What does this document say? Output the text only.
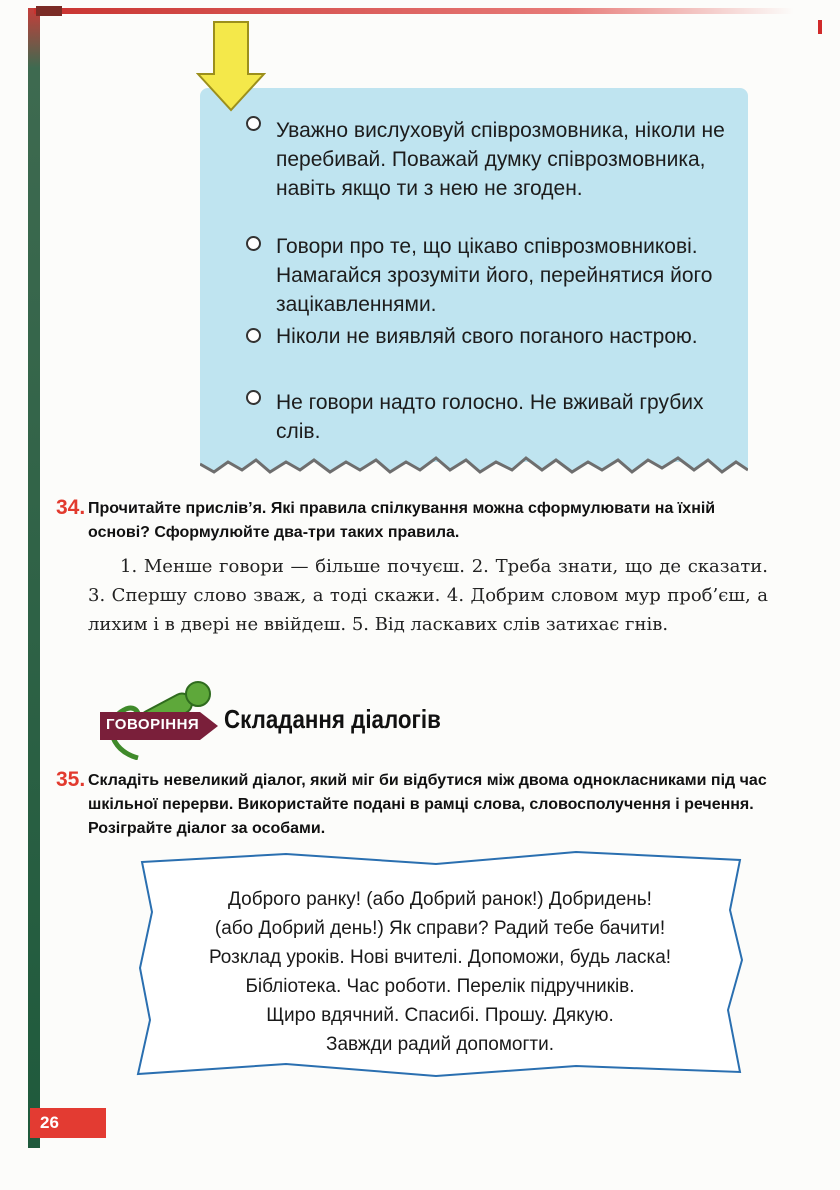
Уважно вислуховуй співрозмовника, ніколи не перебивай. Поважай думку співрозмовника, навіть якщо ти з нею не згоден.
Говори про те, що цікаво співрозмовникові. Намагайся зрозуміти його, перейнятися його зацікавленнями.
Ніколи не виявляй свого поганого настрою.
Не говори надто голосно. Не вживай грубих слів.
34. Прочитайте прислів’я. Які правила спілкування можна сформулювати на їхній основі? Сформулюйте два-три таких правила.
1. Менше говори — більше почуєш. 2. Треба знати, що де сказати. 3. Спершу слово зваж, а тоді скажи. 4. Добрим словом мур проб’єш, а лихим і в двері не ввійдеш. 5. Від ласкавих слів затихає гнів.
ГОВОРІННЯ Складання діалогів
35. Складіть невеликий діалог, який міг би відбутися між двома однокласниками під час шкільної перерви. Використайте подані в рамці слова, словосполучення і речення. Розіграйте діалог за особами.
Доброго ранку! (або Добрий ранок!) Добридень!
(або Добрий день!) Як справи? Радий тебе бачити!
Розклад уроків. Нові вчителі. Допоможи, будь ласка!
Бібліотека. Час роботи. Перелік підручників.
Щиро вдячний. Спасибі. Прошу. Дякую.
Завжди радий допомогти.
26
